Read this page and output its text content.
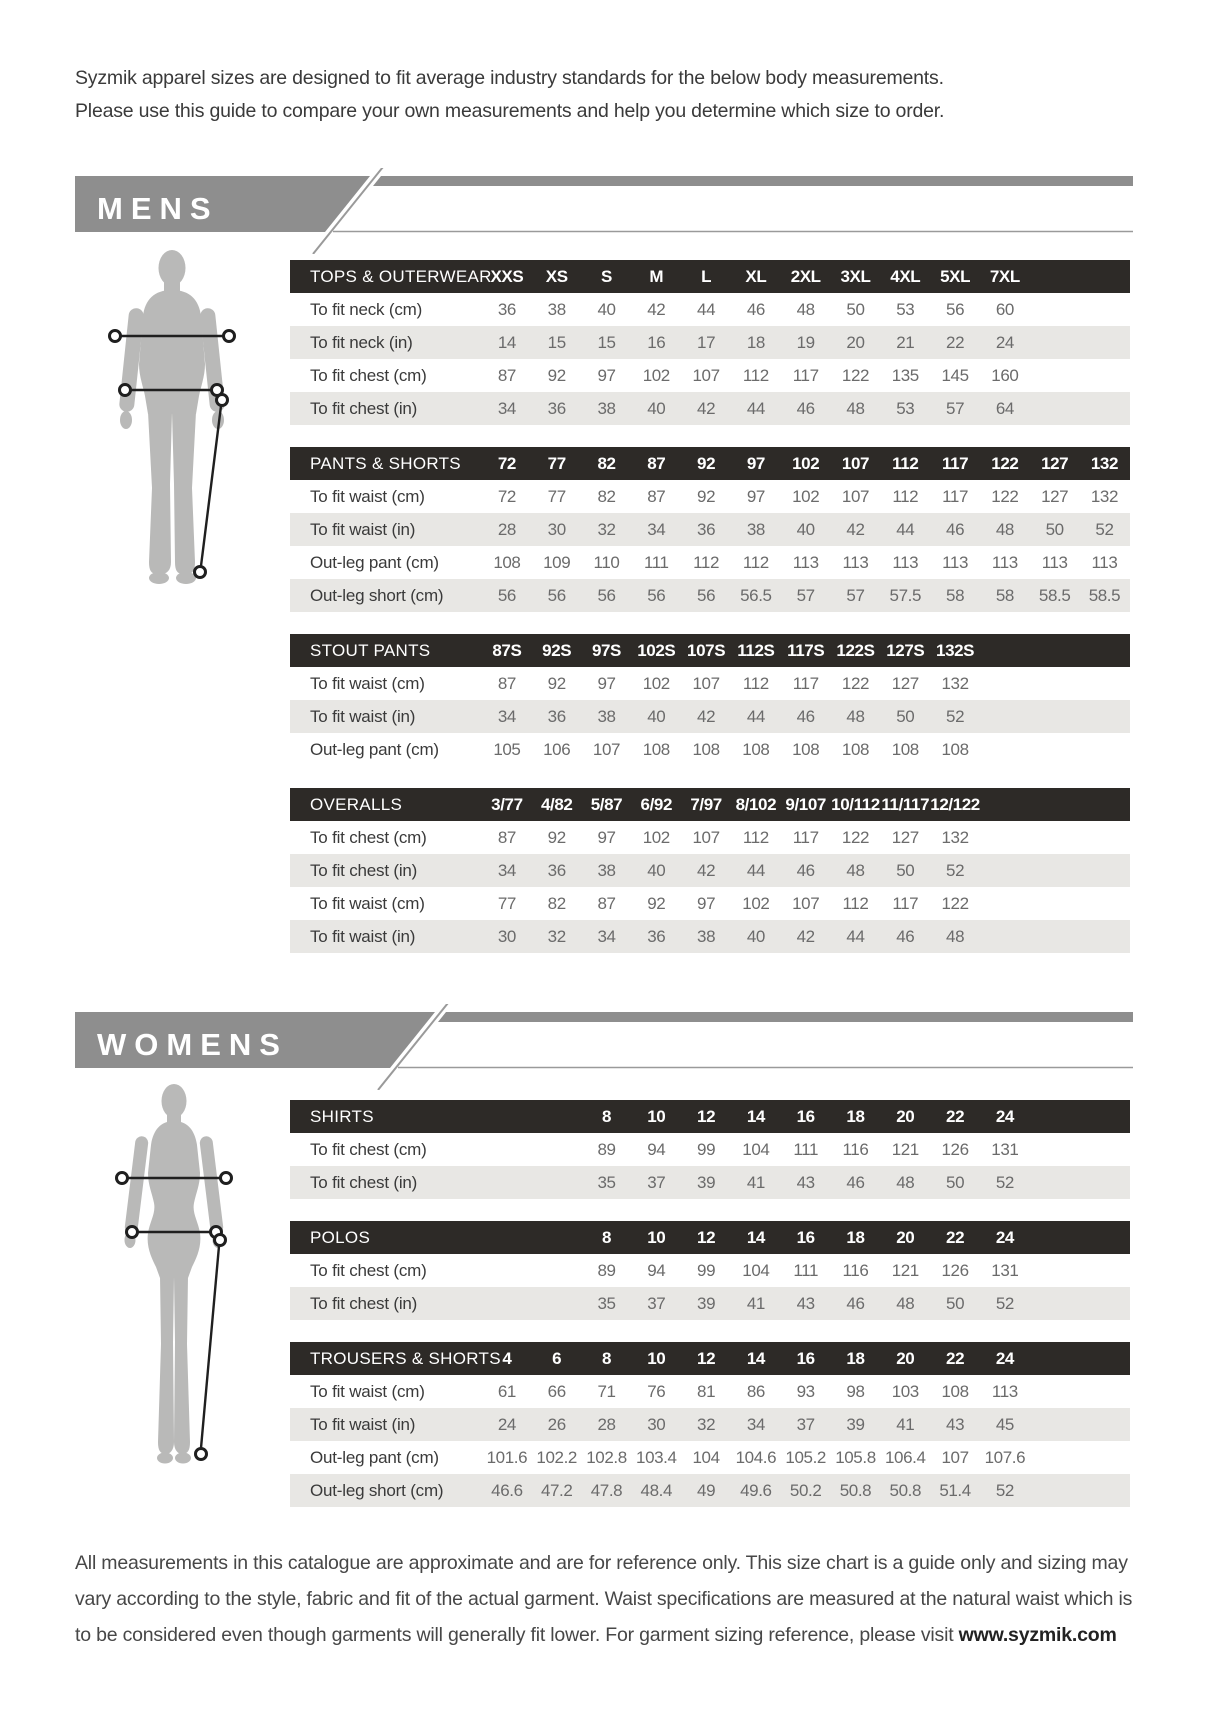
Syzmik apparel sizes are designed to fit average industry standards for the below body measurements.
Please use this guide to compare your own measurements and help you determine which size to order.
MENS
TOPS & OUTERWEAR
XXS	XS	S	M	L	XL	2XL	3XL	4XL	5XL	7XL
To fit neck (cm)	36	38	40	42	44	46	48	50	53	56	60
To fit neck (in)	14	15	15	16	17	18	19	20	21	22	24
To fit chest (cm)	87	92	97	102	107	112	117	122	135	145	160
To fit chest (in)	34	36	38	40	42	44	46	48	53	57	64
PANTS & SHORTS	72	77	82	87	92	97	102	107	112	117	122	127	132
To fit waist (cm)	72	77	82	87	92	97	102	107	112	117	122	127	132
To fit waist (in)	28	30	32	34	36	38	40	42	44	46	48	50	52
Out-leg pant (cm)	108	109	110	111	112	112	113	113	113	113	113	113	113
Out-leg short (cm)	56	56	56	56	56	56.5	57	57	57.5	58	58	58.5	58.5
STOUT PANTS	87S	92S	97S 102S 107S 112S 117S 122S 127S 132S
To fit waist (cm)	87	92	97	102	107	112	117	122	127	132
To fit waist (in)	34	36	38	40	42	44	46	48	50	52
Out-leg pant (cm)	105	106	107	108	108	108	108	108	108	108
OVERALLS	3/77	4/82	5/87	6/92	7/97 8/102 9/107 10/112 11/117 12/122
To fit chest (cm)	87	92	97	102	107	112	117	122	127	132
To fit chest (in)	34	36	38	40	42	44	46	48	50	52
To fit waist (cm)	77	82	87	92	97	102	107	112	117	122
To fit waist (in)	30	32	34	36	38	40	42	44	46	48
WOMENS
SHIRTS	8	10	12	14	16	18	20	22	24
To fit chest (cm)	89	94	99	104	111	116	121	126	131
To fit chest (in)	35	37	39	41	43	46	48	50	52
POLOS	8	10	12	14	16	18	20	22	24
To fit chest (cm)	89	94	99	104	111	116	121	126	131
To fit chest (in)	35	37	39	41	43	46	48	50	52
TROUSERS & SHORTS 4	6	8	10	12	14	16	18	20	22	24
To fit waist (cm)	61	66	71	76	81	86	93	98	103	108	113
To fit waist (in)	24	26	28	30	32	34	37	39	41	43	45
Out-leg pant (cm)	101.6 102.2 102.8 103.4 104 104.6 105.2 105.8 106.4 107 107.6
Out-leg short (cm)	46.6	47.2	47.8	48.4	49	49.6	50.2	50.8	50.8	51.4	52
All measurements in this catalogue are approximate and are for reference only. This size chart is a guide only and sizing may vary according to the style, fabric and fit of the actual garment. Waist specifications are measured at the natural waist which is to be considered even though garments will generally fit lower. For garment sizing reference, please visit www.syzmik.com
